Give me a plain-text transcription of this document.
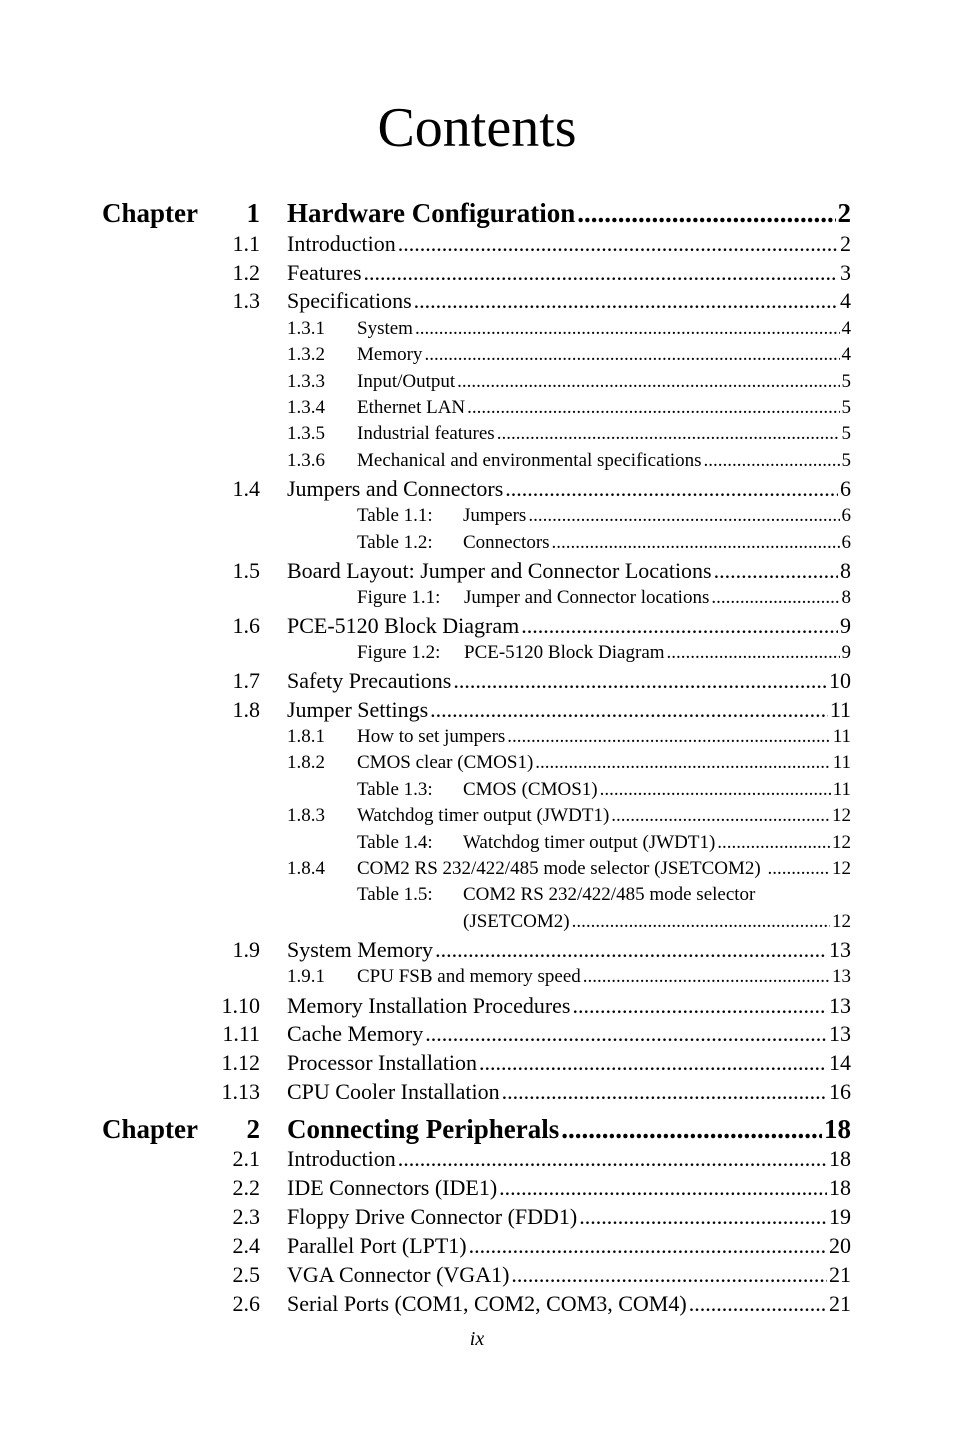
Contents
Chapter	1 Hardware Configuration .....	2
1.1 Introduction .....	2
1.2 Features .....	3
1.3 Specifications .....	4
1.3.1	System .....	4
1.3.2	Memory .....	4
1.3.3	Input/Output .....	5
1.3.4	Ethernet LAN .....	5
1.3.5	Industrial features .....	5
1.3.6	Mechanical and environmental specifications .....	5
1.4 Jumpers and Connectors .....	6
Table 1.1:	Jumpers .....	6
Table 1.2:	Connectors .....	6
1.5 Board Layout: Jumper and Connector Locations .....	8
Figure 1.1:	Jumper and Connector locations .....	8
1.6 PCE-5120 Block Diagram .....	9
Figure 1.2:	PCE-5120 Block Diagram .....	9
1.7 Safety Precautions .....	10
1.8 Jumper Settings .....	11
1.8.1	How to set jumpers .....	11
1.8.2	CMOS clear (CMOS1) .....	11
Table 1.3:	CMOS (CMOS1) .....	11
1.8.3	Watchdog timer output (JWDT1) .....	12
Table 1.4:	Watchdog timer output (JWDT1) .....	12
1.8.4	COM2 RS 232/422/485 mode selector (JSETCOM2) .....	12
Table 1.5:	COM2 RS 232/422/485 mode selector
(JSETCOM2) .....	12
1.9 System Memory .....	13
1.9.1	CPU FSB and memory speed .....	13
1.10 Memory Installation Procedures .....	13
1.11 Cache Memory .....	13
1.12 Processor Installation .....	14
1.13 CPU Cooler Installation .....	16
Chapter	2 Connecting Peripherals .....	18
2.1 Introduction .....	18
2.2 IDE Connectors (IDE1) .....	18
2.3 Floppy Drive Connector (FDD1) .....	19
2.4 Parallel Port (LPT1) .....	20
2.5 VGA Connector (VGA1) .....	21
2.6 Serial Ports (COM1, COM2, COM3, COM4) .....	21
ix
